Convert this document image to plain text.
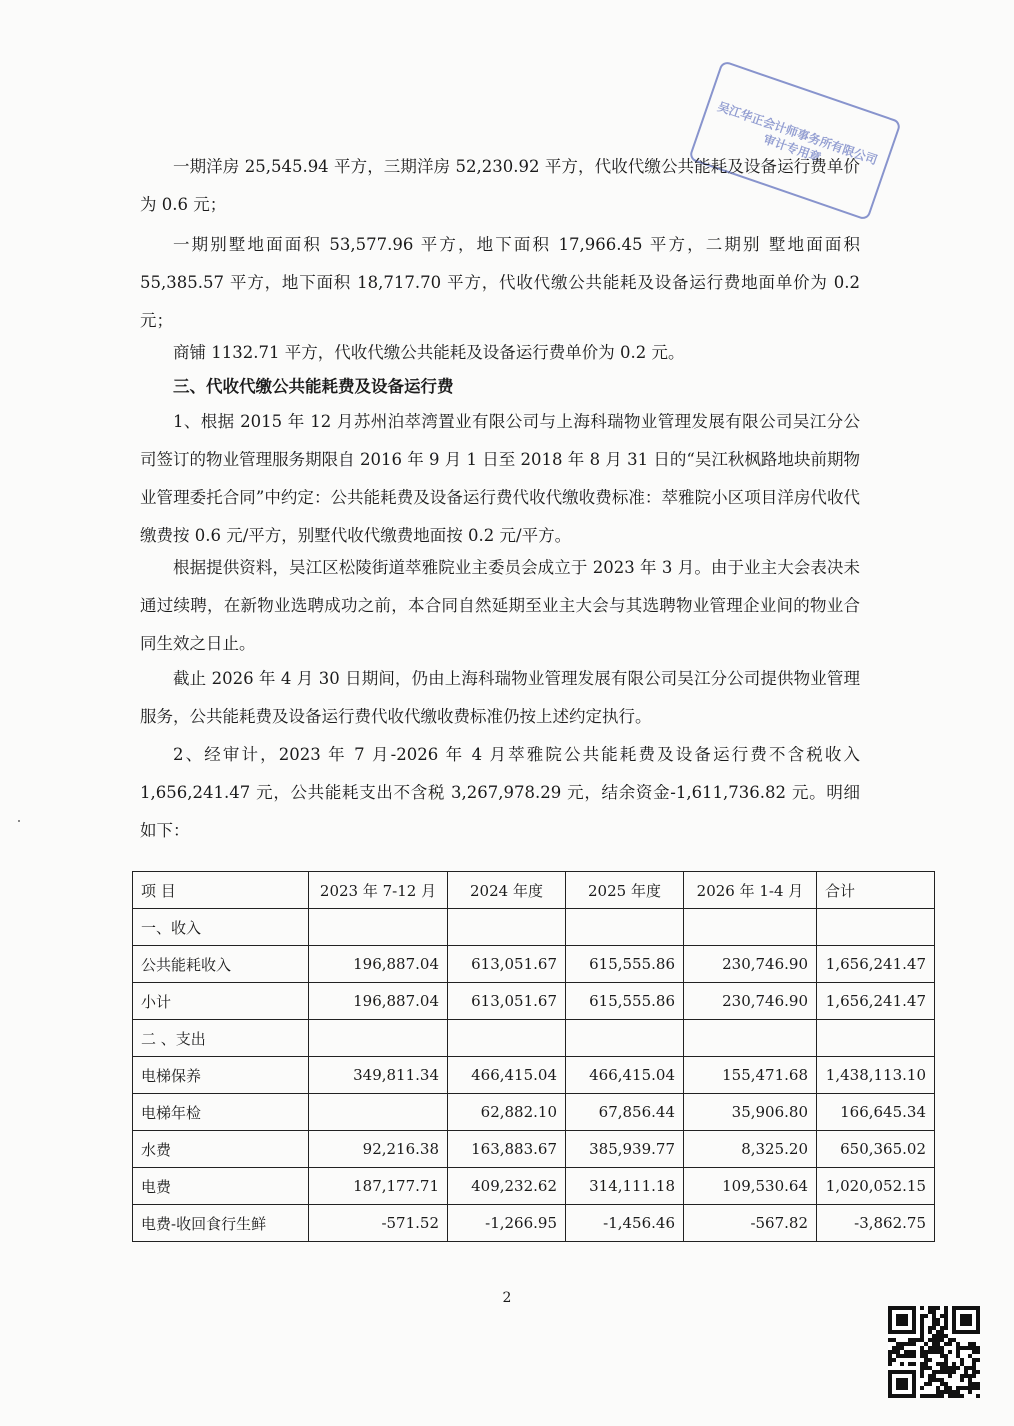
吴江华正会计师事务所有限公司 审计专用章

一期洋房 25,545.94 平方，三期洋房 52,230.92 平方，代收代缴公共能耗及设备运行费单价为 0.6 元；

一期别墅地面面积 53,577.96 平方，地下面积 17,966.45 平方，二期别 墅地面面积 55,385.57 平方，地下面积 18,717.70 平方，代收代缴公共能耗及设备运行费地面单价为 0.2 元；

商铺 1132.71 平方，代收代缴公共能耗及设备运行费单价为 0.2 元。

三、代收代缴公共能耗费及设备运行费

1、根据 2015 年 12 月苏州泊萃湾置业有限公司与上海科瑞物业管理发展有限公司吴江分公司签订的物业管理服务期限自 2016 年 9 月 1 日至 2018 年 8 月 31 日的“吴江秋枫路地块前期物业管理委托合同”中约定：公共能耗费及设备运行费代收代缴收费标准：萃雅院小区项目洋房代收代缴费按 0.6 元/平方，别墅代收代缴费地面按 0.2 元/平方。

根据提供资料，吴江区松陵街道萃雅院业主委员会成立于 2023 年 3 月。由于业主大会表决未通过续聘，在新物业选聘成功之前，本合同自然延期至业主大会与其选聘物业管理企业间的物业合同生效之日止。

截止 2026 年 4 月 30 日期间，仍由上海科瑞物业管理发展有限公司吴江分公司提供物业管理服务，公共能耗费及设备运行费代收代缴收费标准仍按上述约定执行。

2、经审计，2023 年 7 月-2026 年 4 月萃雅院公共能耗费及设备运行费不含税收入 1,656,241.47 元，公共能耗支出不含税 3,267,978.29 元，结余资金-1,611,736.82 元。明细如下：

项 目	2023 年 7-12 月	2024 年度	2025 年度	2026 年 1-4 月	合计
一、收入					
公共能耗收入	196,887.04	613,051.67	615,555.86	230,746.90	1,656,241.47
小计	196,887.04	613,051.67	615,555.86	230,746.90	1,656,241.47
二 、支出					
电梯保养	349,811.34	466,415.04	466,415.04	155,471.68	1,438,113.10
电梯年检		62,882.10	67,856.44	35,906.80	166,645.34
水费	92,216.38	163,883.67	385,939.77	8,325.20	650,365.02
电费	187,177.71	409,232.62	314,111.18	109,530.64	1,020,052.15
电费-收回食行生鲜	-571.52	-1,266.95	-1,456.46	-567.82	-3,862.75
2
